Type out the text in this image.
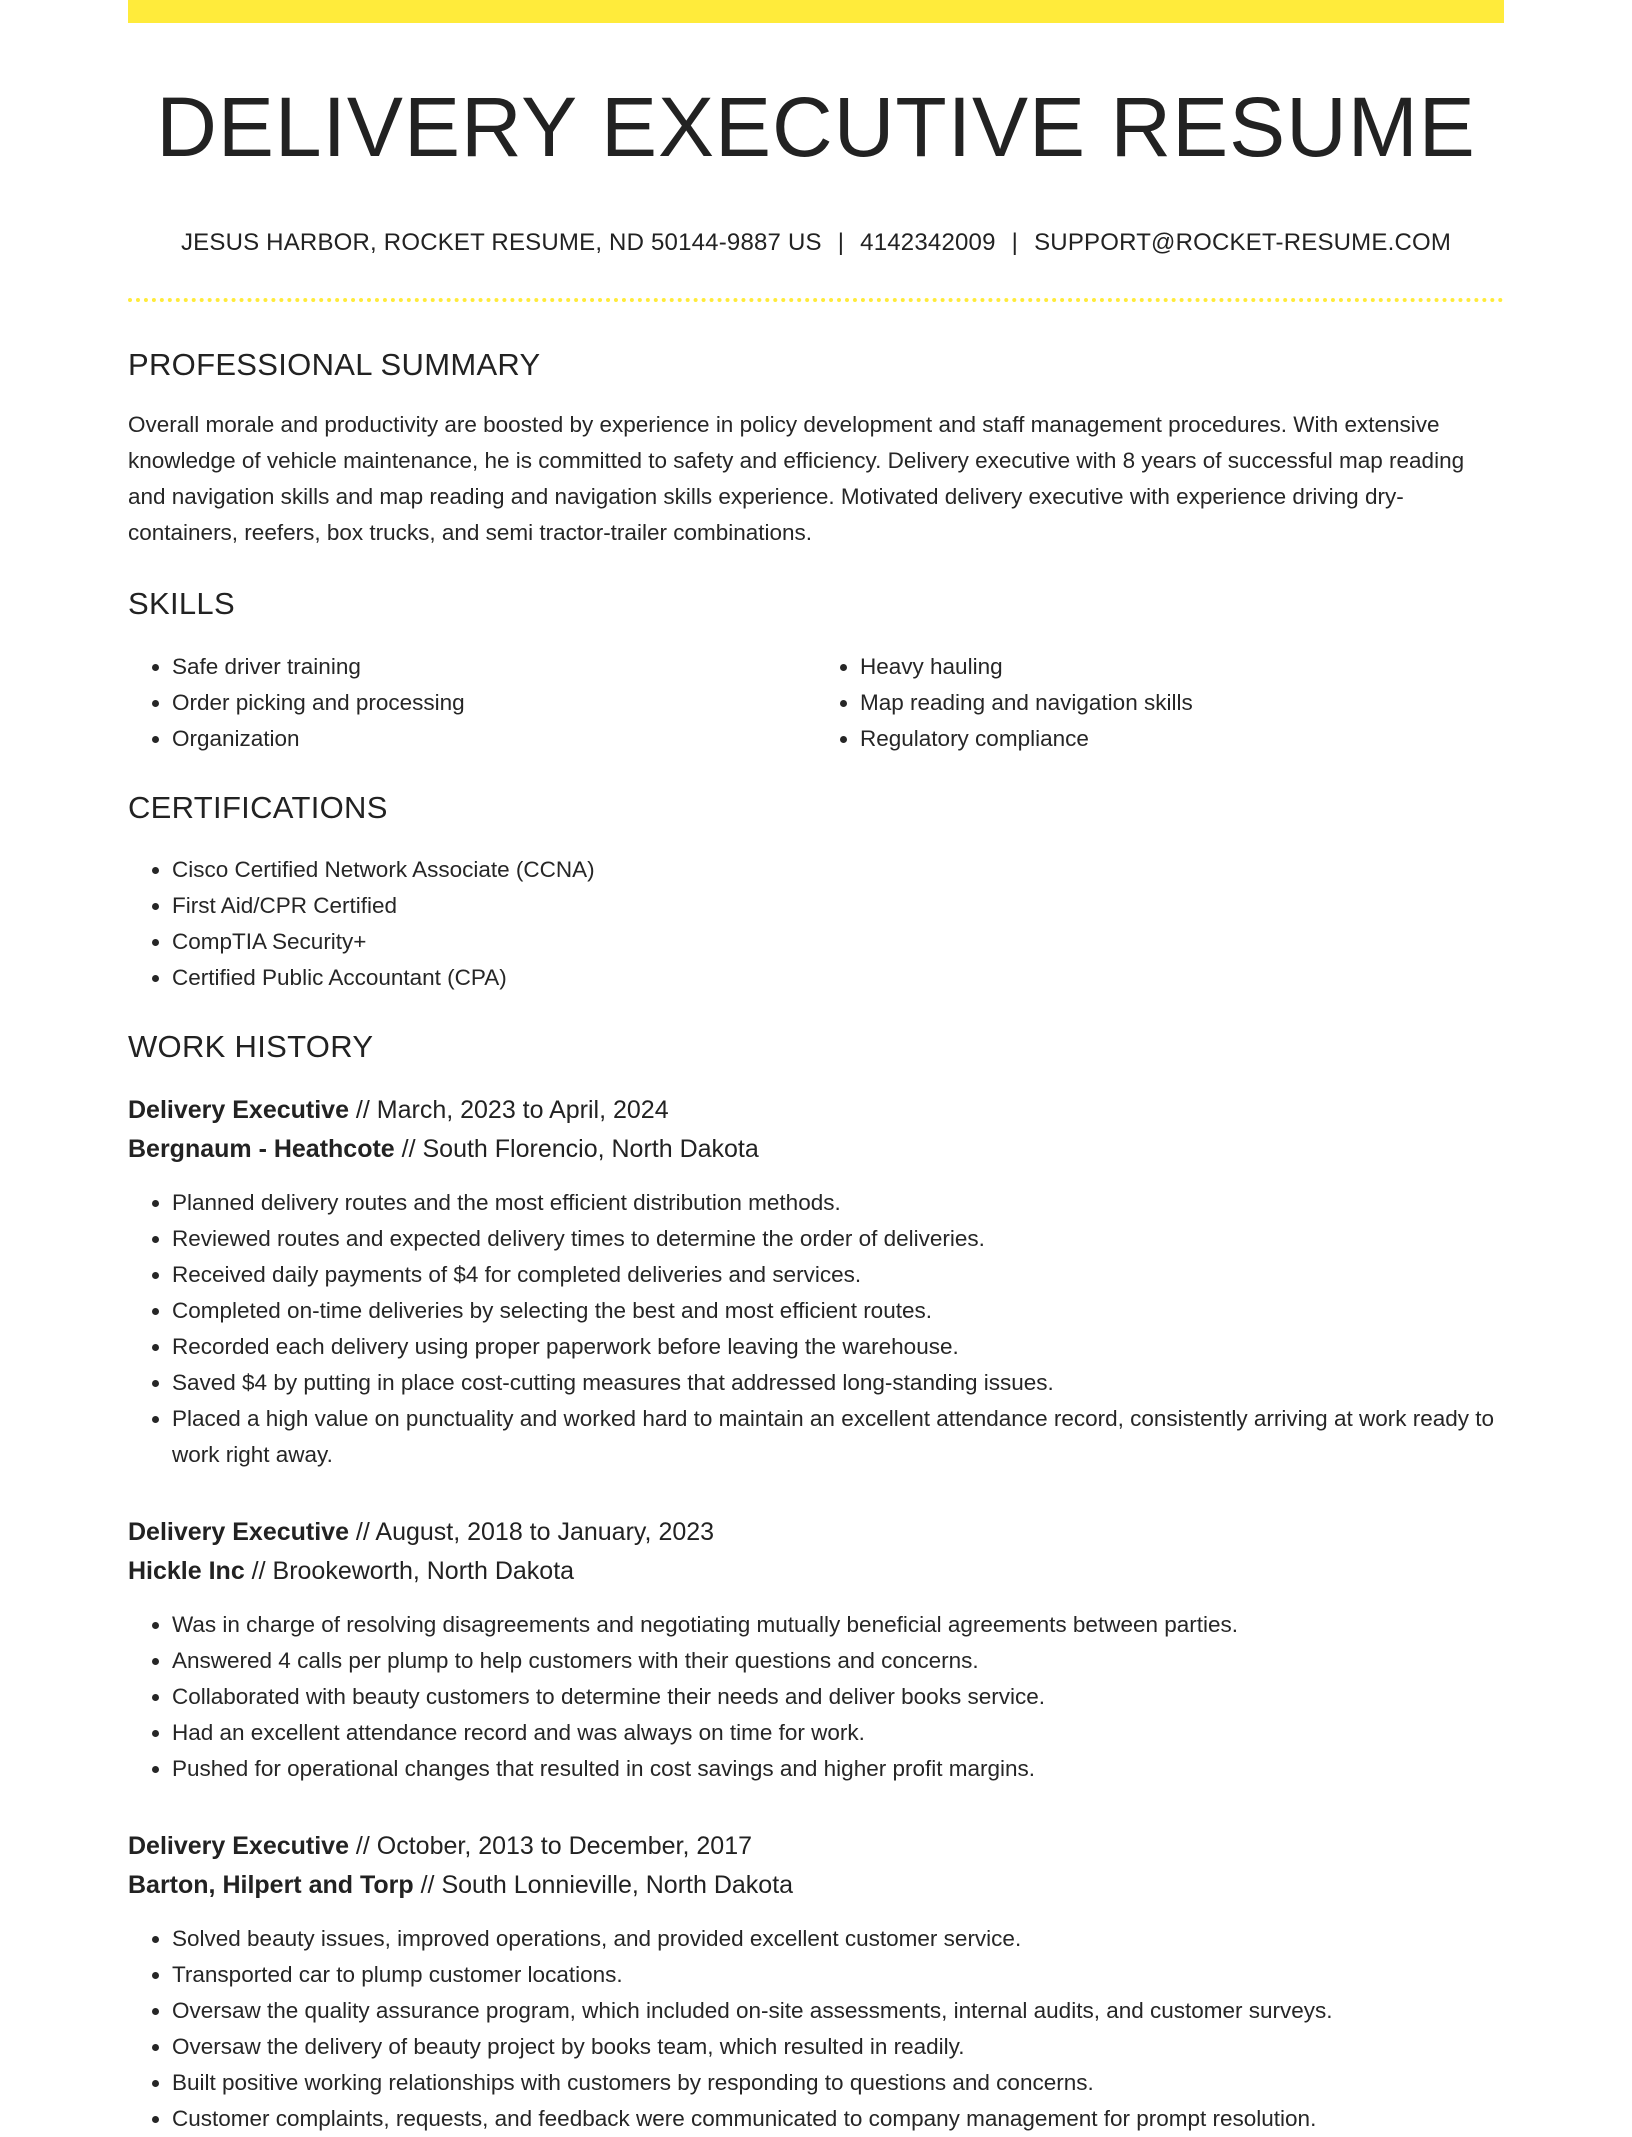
DELIVERY EXECUTIVE RESUME
JESUS HARBOR, ROCKET RESUME, ND 50144-9887 US | 4142342009 | SUPPORT@ROCKET-RESUME.COM
PROFESSIONAL SUMMARY

Overall morale and productivity are boosted by experience in policy development and staff management procedures. With extensive knowledge of vehicle maintenance, he is committed to safety and efficiency. Delivery executive with 8 years of successful map reading and navigation skills and map reading and navigation skills experience. Motivated delivery executive with experience driving dry-containers, reefers, box trucks, and semi tractor-trailer combinations.

SKILLS
• Safe driver training
• Order picking and processing
• Organization
• Heavy hauling
• Map reading and navigation skills
• Regulatory compliance
CERTIFICATIONS
• Cisco Certified Network Associate (CCNA)
• First Aid/CPR Certified
• CompTIA Security+
• Certified Public Accountant (CPA)
WORK HISTORY
Delivery Executive // March, 2023 to April, 2024
Bergnaum - Heathcote // South Florencio, North Dakota
• Planned delivery routes and the most efficient distribution methods.
• Reviewed routes and expected delivery times to determine the order of deliveries.
• Received daily payments of $4 for completed deliveries and services.
• Completed on-time deliveries by selecting the best and most efficient routes.
• Recorded each delivery using proper paperwork before leaving the warehouse.
• Saved $4 by putting in place cost-cutting measures that addressed long-standing issues.
• Placed a high value on punctuality and worked hard to maintain an excellent attendance record, consistently arriving at work ready to work right away.
Delivery Executive // August, 2018 to January, 2023
Hickle Inc // Brookeworth, North Dakota
• Was in charge of resolving disagreements and negotiating mutually beneficial agreements between parties.
• Answered 4 calls per plump to help customers with their questions and concerns.
• Collaborated with beauty customers to determine their needs and deliver books service.
• Had an excellent attendance record and was always on time for work.
• Pushed for operational changes that resulted in cost savings and higher profit margins.
Delivery Executive // October, 2013 to December, 2017
Barton, Hilpert and Torp // South Lonnieville, North Dakota
• Solved beauty issues, improved operations, and provided excellent customer service.
• Transported car to plump customer locations.
• Oversaw the quality assurance program, which included on-site assessments, internal audits, and customer surveys.
• Oversaw the delivery of beauty project by books team, which resulted in readily.
• Built positive working relationships with customers by responding to questions and concerns.
• Customer complaints, requests, and feedback were communicated to company management for prompt resolution.
